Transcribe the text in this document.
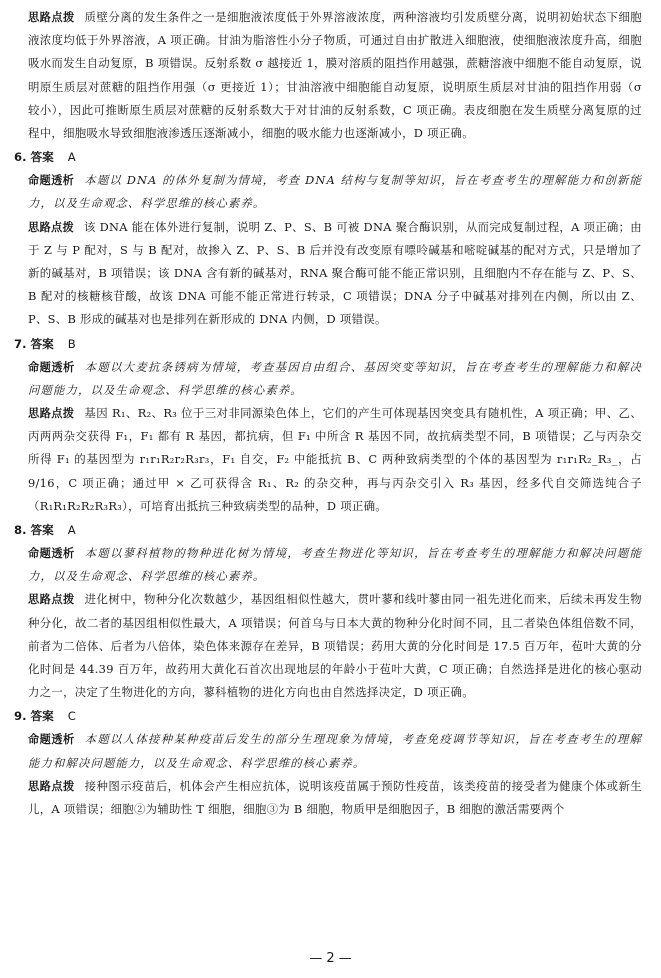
思路点拨 质壁分离的发生条件之一是细胞液浓度低于外界溶液浓度，两种溶液均引发质壁分离，说明初始状态下细胞液浓度均低于外界溶液，A 项正确。甘油为脂溶性小分子物质，可通过自由扩散进入细胞液，使细胞液浓度升高，细胞吸水而发生自动复原，B 项错误。反射系数 σ 越接近 1，膜对溶质的阻挡作用越强，蔗糖溶液中细胞不能自动复原，说明原生质层对蔗糖的阻挡作用强（σ 更接近 1）；甘油溶液中细胞能自动复原，说明原生质层对甘油的阻挡作用弱（σ 较小），因此可推断原生质层对蔗糖的反射系数大于对甘油的反射系数，C 项正确。表皮细胞在发生质壁分离复原的过程中，细胞吸水导致细胞液渗透压逐渐减小，细胞的吸水能力也逐渐减小，D 项正确。

6. 答案 A

命题透析 本题以 DNA 的体外复制为情境，考查 DNA 结构与复制等知识，旨在考查考生的理解能力和创新能力，以及生命观念、科学思维的核心素养。

思路点拨 该 DNA 能在体外进行复制，说明 Z、P、S、B 可被 DNA 聚合酶识别，从而完成复制过程，A 项正确；由于 Z 与 P 配对，S 与 B 配对，故掺入 Z、P、S、B 后并没有改变原有嘌呤碱基和嘧啶碱基的配对方式，只是增加了新的碱基对，B 项错误；该 DNA 含有新的碱基对，RNA 聚合酶可能不能正常识别，且细胞内不存在能与 Z、P、S、B 配对的核糖核苷酸，故该 DNA 可能不能正常进行转录，C 项错误；DNA 分子中碱基对排列在内侧，所以由 Z、P、S、B 形成的碱基对也是排列在新形成的 DNA 内侧，D 项错误。

7. 答案 B

命题透析 本题以大麦抗条锈病为情境，考查基因自由组合、基因突变等知识，旨在考查考生的理解能力和解决问题能力，以及生命观念、科学思维的核心素养。

思路点拨 基因 R₁、R₂、R₃ 位于三对非同源染色体上，它们的产生可体现基因突变具有随机性，A 项正确；甲、乙、丙两两杂交获得 F₁，F₁ 都有 R 基因，都抗病，但 F₁ 中所含 R 基因不同，故抗病类型不同，B 项错误；乙与丙杂交所得 F₁ 的基因型为 r₁r₁R₂r₂R₃r₃，F₁ 自交，F₂ 中能抵抗 B、C 两种致病类型的个体的基因型为 r₁r₁R₂_R₃_，占 9/16，C 项正确；通过甲 × 乙可获得含 R₁、R₂ 的杂交种，再与丙杂交引入 R₃ 基因，经多代自交筛选纯合子（R₁R₁R₂R₂R₃R₃），可培育出抵抗三种致病类型的品种，D 项正确。

8. 答案 A

命题透析 本题以蓼科植物的物种进化树为情境，考查生物进化等知识，旨在考查考生的理解能力和解决问题能力，以及生命观念、科学思维的核心素养。

思路点拨 进化树中，物种分化次数越少，基因组相似性越大，贯叶蓼和线叶蓼由同一祖先进化而来，后续未再发生物种分化，故二者的基因组相似性最大，A 项错误；何首乌与日本大黄的物种分化时间不同，且二者染色体组倍数不同，前者为二倍体、后者为八倍体，染色体来源存在差异，B 项错误；药用大黄的分化时间是 17.5 百万年，苞叶大黄的分化时间是 44.39 百万年，故药用大黄化石首次出现地层的年龄小于苞叶大黄，C 项正确；自然选择是进化的核心驱动力之一，决定了生物进化的方向，蓼科植物的进化方向也由自然选择决定，D 项正确。

9. 答案 C

命题透析 本题以人体接种某种疫苗后发生的部分生理现象为情境，考查免疫调节等知识，旨在考查考生的理解能力和解决问题能力，以及生命观念、科学思维的核心素养。

思路点拨 接种图示疫苗后，机体会产生相应抗体，说明该疫苗属于预防性疫苗，该类疫苗的接受者为健康个体或新生儿，A 项错误；细胞②为辅助性 T 细胞，细胞③为 B 细胞，物质甲是细胞因子，B 细胞的激活需要两个

— 2 —
